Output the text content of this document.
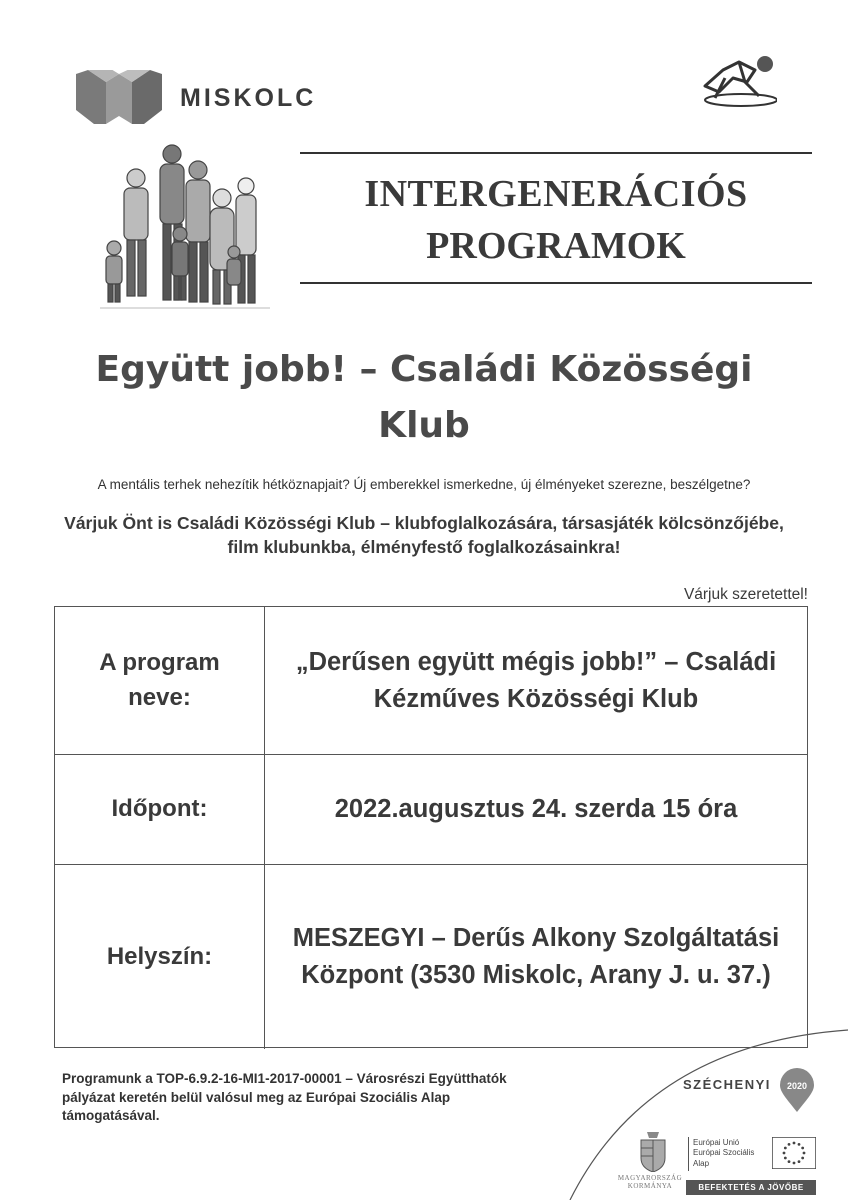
MISKOLC
INTERGENERÁCIÓS
PROGRAMOK
Együtt jobb! – Családi Közösségi Klub
A mentális terhek nehezítik hétköznapjait? Új emberekkel ismerkedne, új élményeket szerezne, beszélgetne?
Várjuk Önt is Családi Közösségi Klub – klubfoglalkozására, társasjáték kölcsönzőjébe, film klubunkba, élményfestő foglalkozásainkra!
Várjuk szeretettel!
A program neve:
„Derűsen együtt mégis jobb!” – Családi Kézműves Közösségi Klub
Időpont:	2022.augusztus 24. szerda 15 óra
Helyszín:
MESZEGYI – Derűs Alkony Szolgáltatási Központ (3530 Miskolc, Arany J. u. 37.)
Programunk a TOP-6.9.2-16-MI1-2017-00001 – Városrészi Együtthatók pályázat keretén belül valósul meg az Európai Szociális Alap támogatásával.
SZÉCHENYI 2020
MAGYARORSZÁG KORMÁNYA
Európai Unió
Európai Szociális
Alap
BEFEKTETÉS A JÖVŐBE
